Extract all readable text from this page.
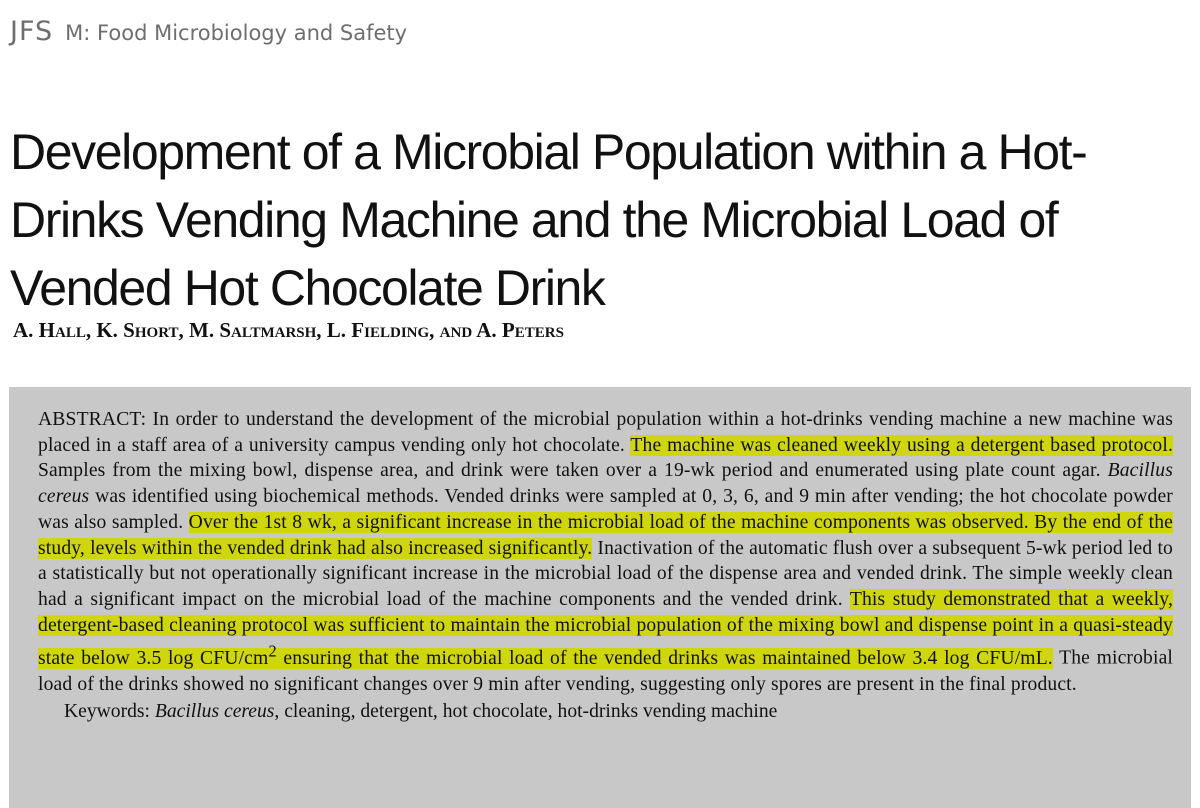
JFS M: Food Microbiology and Safety
Development of a Microbial Population within a Hot-Drinks Vending Machine and the Microbial Load of Vended Hot Chocolate Drink

A. Hall, K. Short, M. Saltmarsh, L. Fielding, and A. Peters

ABSTRACT: In order to understand the development of the microbial population within a hot-drinks vending machine a new machine was placed in a staff area of a university campus vending only hot chocolate. The machine was cleaned weekly using a detergent based protocol. Samples from the mixing bowl, dispense area, and drink were taken over a 19-wk period and enumerated using plate count agar. Bacillus cereus was identified using biochemical methods. Vended drinks were sampled at 0, 3, 6, and 9 min after vending; the hot chocolate powder was also sampled. Over the 1st 8 wk, a significant increase in the microbial load of the machine components was observed. By the end of the study, levels within the vended drink had also increased significantly. Inactivation of the automatic flush over a subsequent 5-wk period led to a statistically but not operationally significant increase in the microbial load of the dispense area and vended drink. The simple weekly clean had a significant impact on the microbial load of the machine components and the vended drink. This study demonstrated that a weekly, detergent-based cleaning protocol was sufficient to maintain the microbial population of the mixing bowl and dispense point in a quasi-steady state below 3.5 log CFU/$cm^2$ ensuring that the microbial load of the vended drinks was maintained below 3.4 log CFU/mL. The microbial load of the drinks showed no significant changes over 9 min after vending, suggesting only spores are present in the final product.

Keywords: Bacillus cereus, cleaning, detergent, hot chocolate, hot-drinks vending machine
